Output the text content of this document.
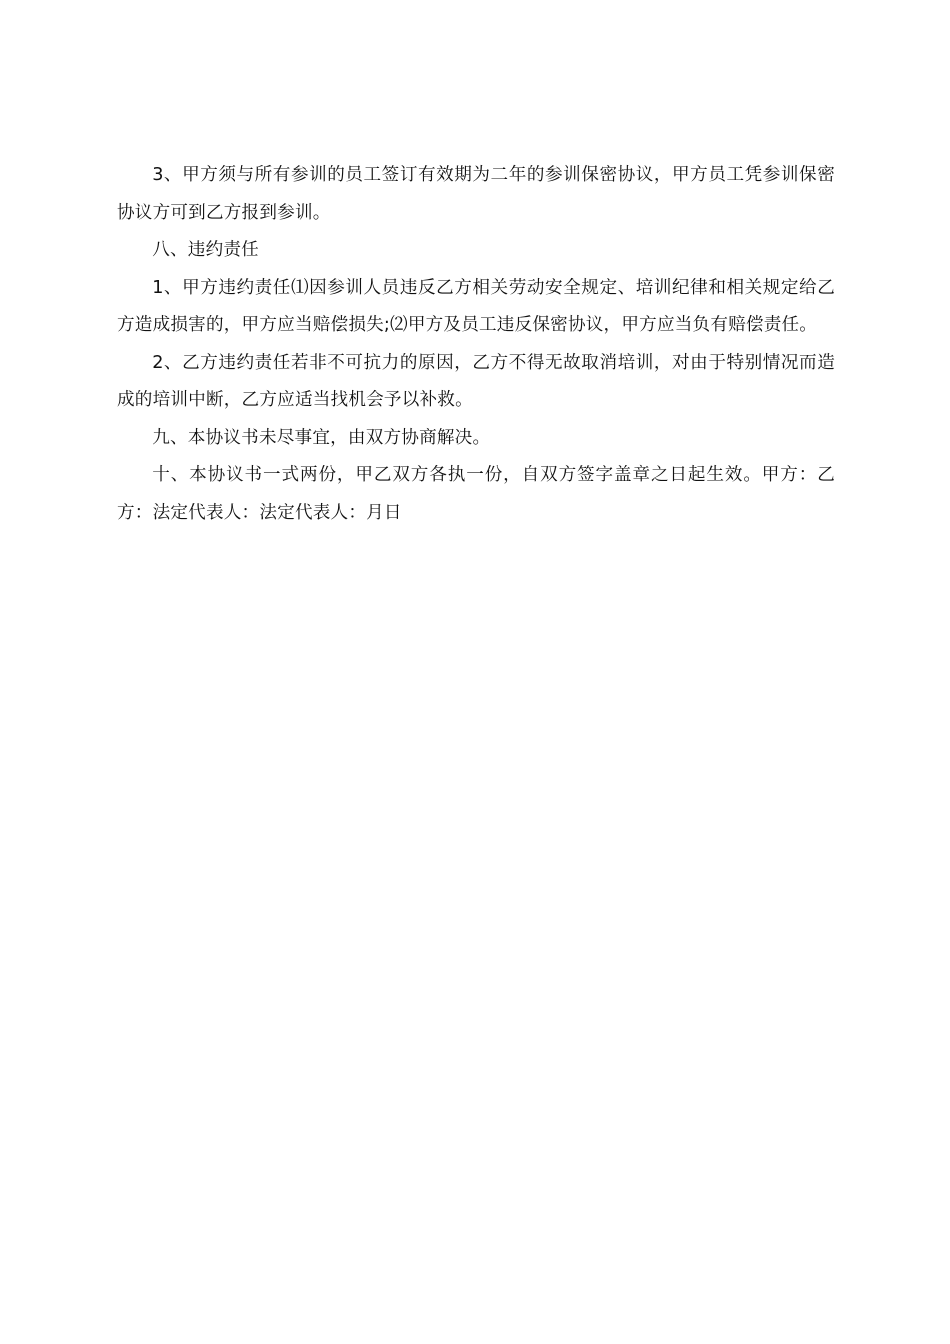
3、甲方须与所有参训的员工签订有效期为二年的参训保密协议，甲方员工凭参训保密协议方可到乙方报到参训。

八、违约责任

1、甲方违约责任⑴因参训人员违反乙方相关劳动安全规定、培训纪律和相关规定给乙方造成损害的，甲方应当赔偿损失;⑵甲方及员工违反保密协议，甲方应当负有赔偿责任。

2、乙方违约责任若非不可抗力的原因，乙方不得无故取消培训，对由于特别情况而造成的培训中断，乙方应适当找机会予以补救。

九、本协议书未尽事宜，由双方协商解决。

十、本协议书一式两份，甲乙双方各执一份，自双方签字盖章之日起生效。甲方：乙方：法定代表人：法定代表人：月日
